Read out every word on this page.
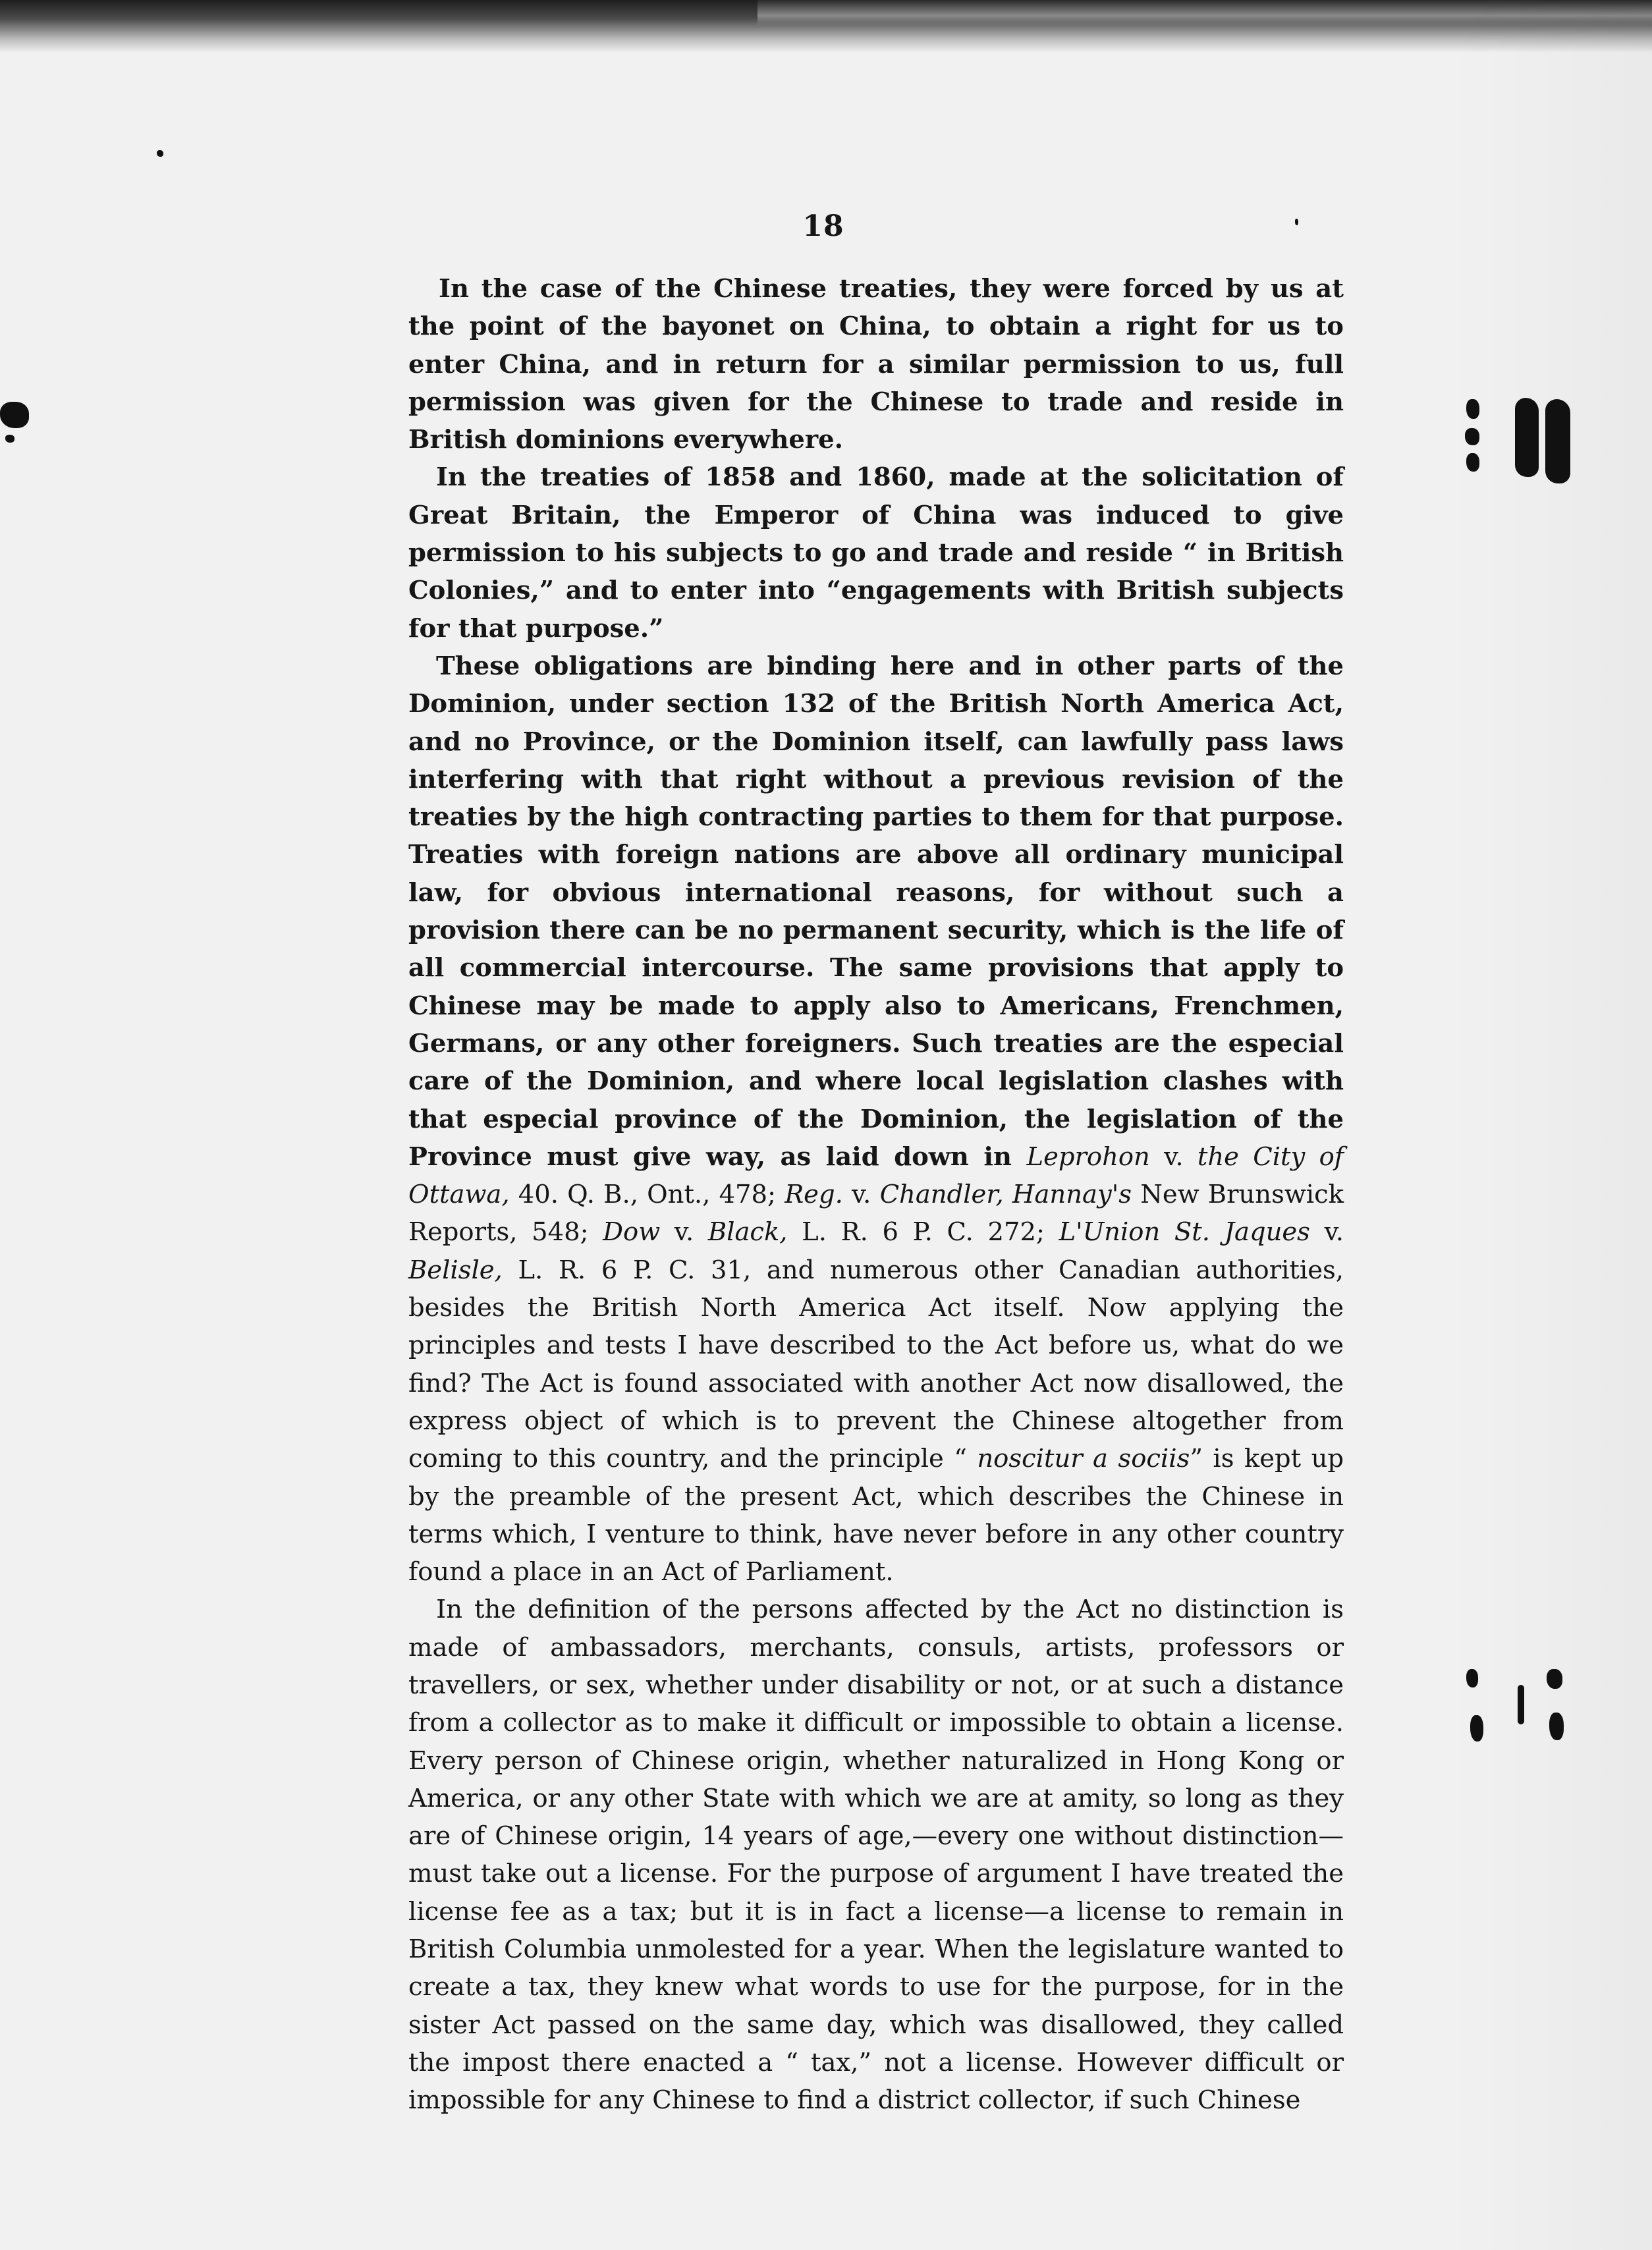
18

In the case of the Chinese treaties, they were forced by us at the point of the bayonet on China, to obtain a right for us to enter China, and in return for a similar permission to us, full permission was given for the Chinese to trade and reside in British dominions everywhere.

In the treaties of 1858 and 1860, made at the solicitation of Great Britain, the Emperor of China was induced to give permission to his subjects to go and trade and reside “ in British Colonies,” and to enter into “engagements with British subjects for that purpose.”

These obligations are binding here and in other parts of the Dominion, under section 132 of the British North America Act, and no Province, or the Dominion itself, can lawfully pass laws interfering with that right without a previous revision of the treaties by the high contracting parties to them for that purpose. Treaties with foreign nations are above all ordinary municipal law, for obvious international reasons, for without such a provision there can be no permanent security, which is the life of all commercial intercourse. The same provisions that apply to Chinese may be made to apply also to Americans, Frenchmen, Germans, or any other foreigners. Such treaties are the especial care of the Dominion, and where local legislation clashes with that especial province of the Dominion, the legislation of the Province must give way, as laid down in Leprohon v. the City of Ottawa, 40. Q. B., Ont., 478; Reg. v. Chandler, Hannay's New Brunswick Reports, 548; Dow v. Black, L. R. 6 P. C. 272; L'Union St. Jaques v. Belisle, L. R. 6 P. C. 31, and numerous other Canadian authorities, besides the British North America Act itself. Now applying the principles and tests I have described to the Act before us, what do we find? The Act is found associated with another Act now disallowed, the express object of which is to prevent the Chinese altogether from coming to this country, and the principle “ noscitur a sociis” is kept up by the preamble of the present Act, which describes the Chinese in terms which, I venture to think, have never before in any other country found a place in an Act of Parliament.

In the definition of the persons affected by the Act no distinction is made of ambassadors, merchants, consuls, artists, professors or travellers, or sex, whether under disability or not, or at such a distance from a collector as to make it difficult or impossible to obtain a license. Every person of Chinese origin, whether naturalized in Hong Kong or America, or any other State with which we are at amity, so long as they are of Chinese origin, 14 years of age,—every one without distinction—must take out a license. For the purpose of argument I have treated the license fee as a tax; but it is in fact a license—a license to remain in British Columbia unmolested for a year. When the legislature wanted to create a tax, they knew what words to use for the purpose, for in the sister Act passed on the same day, which was disallowed, they called the impost there enacted a “ tax,” not a license. However difficult or impossible for any Chinese to find a district collector, if such Chinese
